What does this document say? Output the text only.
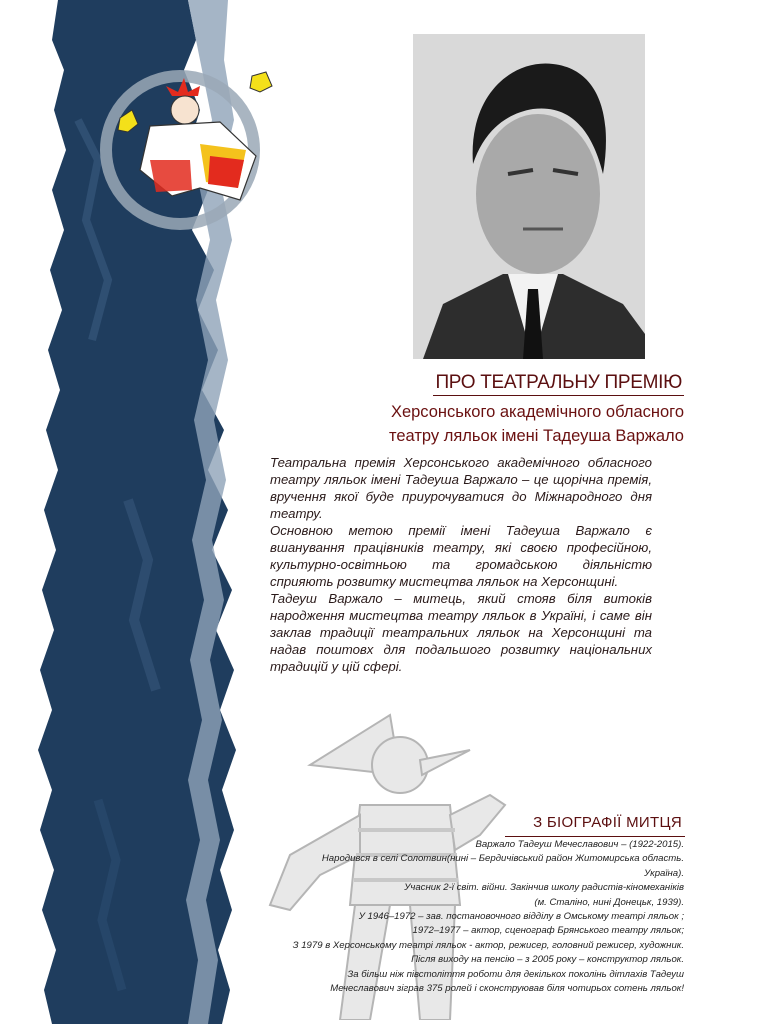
ПРО ТЕАТРАЛЬНУ ПРЕМІЮ
Херсонського академічного обласного
театру ляльок імені Тадеуша Варжало

Театральна премія Херсонського академічного обласного театру ляльок імені Тадеуша Варжало – це щорічна премія, вручення якої буде приурочуватися до Міжнародного дня театру.

Основною метою премії імені Тадеуша Варжало є вшанування працівників театру, які своєю професійною, культурно-освітньою та громадською діяльністю сприяють розвитку мистецтва ляльок на Херсонщині.

Тадеуш Варжало – митець, який стояв біля витоків народження мистецтва театру ляльок в Україні, і саме він заклав традиції театральних ляльок на Херсонщині та надав поштовх для подальшого розвитку національних традицій у цій сфері.

З БІОГРАФІЇ МИТЦЯ
Варжало Тадеуш Мечеславович – (1922-2015).
Народився в селі Солотвин(нині – Бердичівський район Житомирська область.
Україна).
Учасник 2-ї світ. війни. Закінчив школу радистів-кіномеханіків
(м. Сталіно, нині Донецьк, 1939).
У 1946–1972 – зав. постановочного відділу в Омському театрі ляльок ;
1972–1977 – актор, сценограф Брянського театру ляльок;
З 1979 в Херсонському театрі ляльок - актор, режисер, головний режисер, художник.
Після виходу на пенсію – з 2005 року – конструктор ляльок.
За більш ніж півстоліття роботи для декількох поколінь дітлахів Тадеуш
Мечеславович зіграв 375 ролей і сконструював біля чотирьох сотень ляльок!
